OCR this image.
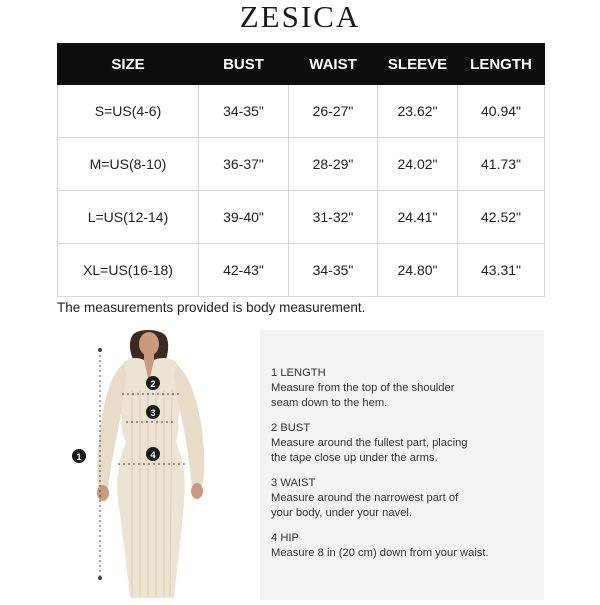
ZESICA
SIZE	BUST	WAIST	SLEEVE	LENGTH
S=US(4-6)	34-35"	26-27"	23.62"	40.94"
M=US(8-10)	36-37"	28-29"	24.02"	41.73"
L=US(12-14)	39-40"	31-32"	24.41"	42.52"
XL=US(16-18)	42-43"	34-35"	24.80"	43.31"
The measurements provided is body measurement.
1
2
3
4
1 LENGTH
Measure from the top of the shoulder
seam down to the hem.
2 BUST
Measure around the fullest part, placing
the tape close up under the arms.
3 WAIST
Measure around the narrowest part of
your body, under your navel.
4 HIP
Measure 8 in (20 cm) down from your waist.
